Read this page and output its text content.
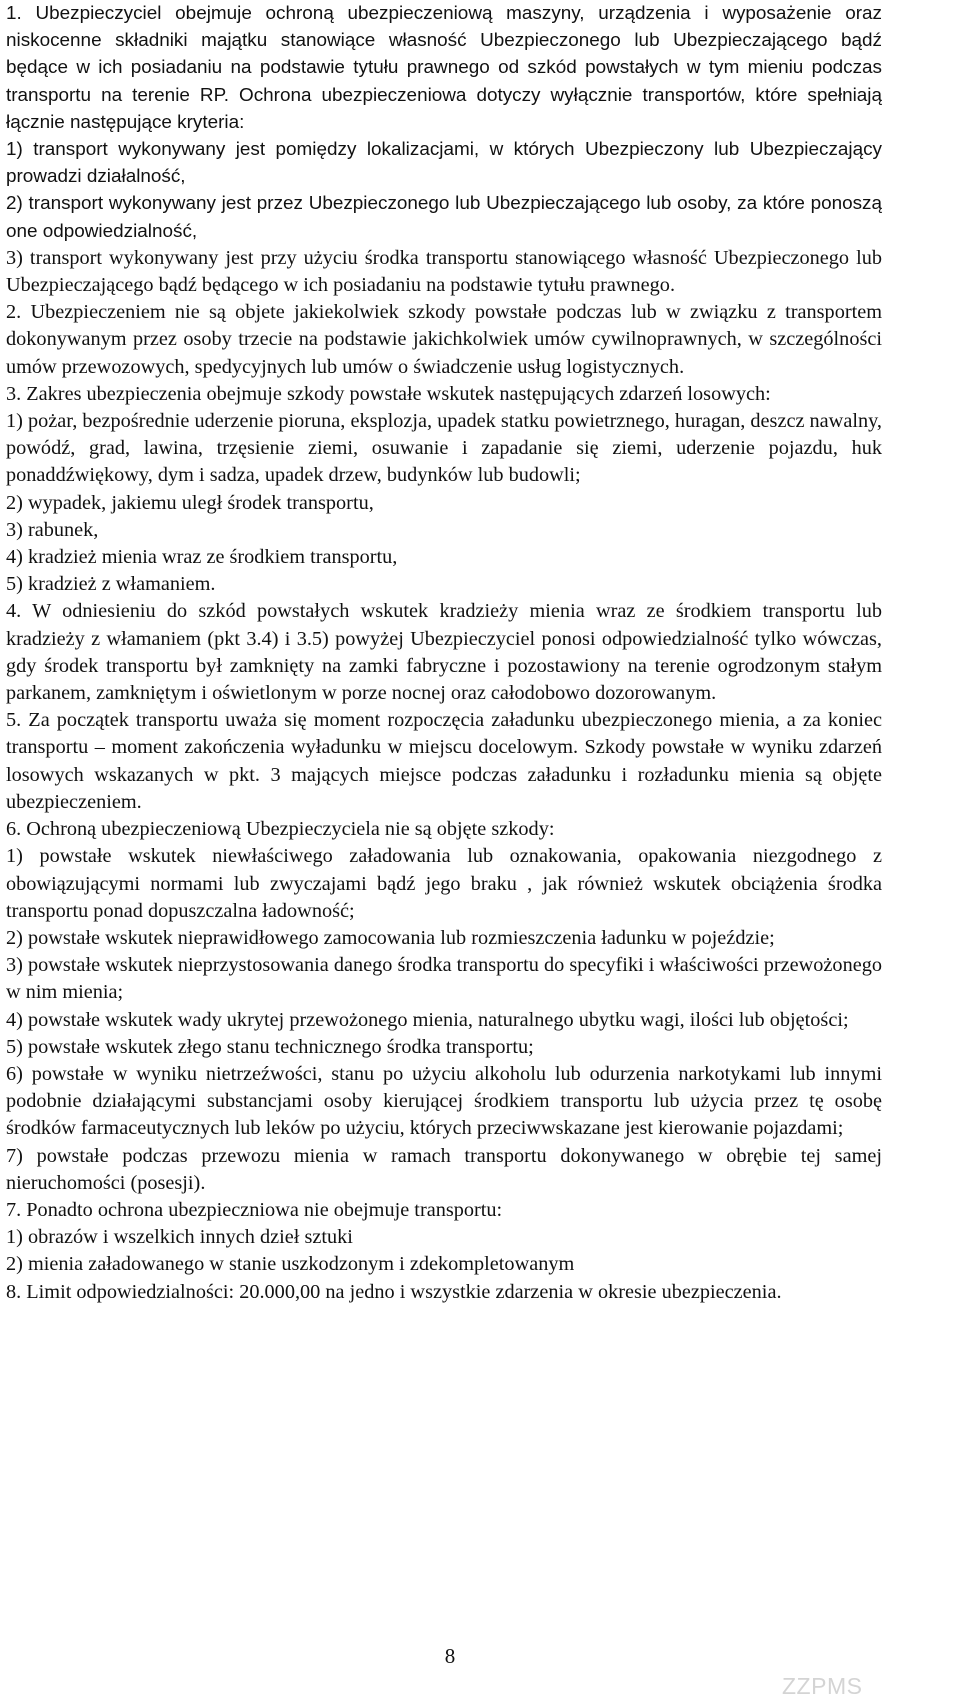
1. Ubezpieczyciel obejmuje ochroną ubezpieczeniową maszyny, urządzenia i wyposażenie oraz niskocenne składniki majątku stanowiące własność Ubezpieczonego lub Ubezpieczającego bądź będące w ich posiadaniu na podstawie tytułu prawnego od szkód powstałych w tym mieniu podczas transportu na terenie RP. Ochrona ubezpieczeniowa dotyczy wyłącznie transportów, które spełniają łącznie następujące kryteria:

1) transport wykonywany jest pomiędzy lokalizacjami, w których Ubezpieczony lub Ubezpieczający prowadzi działalność,

2) transport wykonywany jest przez Ubezpieczonego lub Ubezpieczającego lub osoby, za które ponoszą one odpowiedzialność,

3) transport wykonywany jest przy użyciu środka transportu stanowiącego własność Ubezpieczonego lub Ubezpieczającego bądź będącego w ich posiadaniu na podstawie tytułu prawnego.

2. Ubezpieczeniem nie są objete jakiekolwiek szkody powstałe podczas lub w związku z transportem dokonywanym przez osoby trzecie na podstawie jakichkolwiek umów cywilnoprawnych, w szczególności umów przewozowych, spedycyjnych lub umów o świadczenie usług logistycznych.

3. Zakres ubezpieczenia obejmuje szkody powstałe wskutek następujących zdarzeń losowych:

1) pożar, bezpośrednie uderzenie pioruna, eksplozja, upadek statku powietrznego, huragan, deszcz nawalny, powódź, grad, lawina, trzęsienie ziemi, osuwanie i zapadanie się ziemi, uderzenie pojazdu, huk ponaddźwiękowy, dym i sadza, upadek drzew, budynków lub budowli;

2) wypadek, jakiemu uległ środek transportu,

3) rabunek,

4) kradzież mienia wraz ze środkiem transportu,

5) kradzież z włamaniem.

4. W odniesieniu do szkód powstałych wskutek kradzieży mienia wraz ze środkiem transportu lub kradzieży z włamaniem (pkt 3.4) i 3.5) powyżej Ubezpieczyciel ponosi odpowiedzialność tylko wówczas, gdy środek transportu był zamknięty na zamki fabryczne i pozostawiony na terenie ogrodzonym stałym parkanem, zamkniętym i oświetlonym w porze nocnej oraz całodobowo dozorowanym.

5. Za początek transportu uważa się moment rozpoczęcia załadunku ubezpieczonego mienia, a za koniec transportu – moment zakończenia wyładunku w miejscu docelowym. Szkody powstałe w wyniku zdarzeń losowych wskazanych w pkt. 3 mających miejsce podczas załadunku i rozładunku mienia są objęte ubezpieczeniem.

6. Ochroną ubezpieczeniową Ubezpieczyciela nie są objęte szkody:

1) powstałe wskutek niewłaściwego załadowania lub oznakowania, opakowania niezgodnego z obowiązującymi normami lub zwyczajami bądź jego braku , jak również wskutek obciążenia środka transportu ponad dopuszczalna ładowność;

2) powstałe wskutek nieprawidłowego zamocowania lub rozmieszczenia ładunku w pojeździe;

3) powstałe wskutek nieprzystosowania danego środka transportu do specyfiki i właściwości przewożonego w nim mienia;

4) powstałe wskutek wady ukrytej przewożonego mienia, naturalnego ubytku wagi, ilości lub objętości;

5) powstałe wskutek złego stanu technicznego środka transportu;

6) powstałe w wyniku nietrzeźwości, stanu po użyciu alkoholu lub odurzenia narkotykami lub innymi podobnie działającymi substancjami osoby kierującej środkiem transportu lub użycia przez tę osobę środków farmaceutycznych lub leków po użyciu, których przeciwwskazane jest kierowanie pojazdami;

7) powstałe podczas przewozu mienia w ramach transportu dokonywanego w obrębie tej samej nieruchomości (posesji).

7. Ponadto ochrona ubezpieczniowa nie obejmuje transportu:

1) obrazów i wszelkich innych dzieł sztuki

2) mienia załadowanego w stanie uszkodzonym i zdekompletowanym

8. Limit odpowiedzialności: 20.000,00 na jedno i wszystkie zdarzenia w okresie ubezpieczenia.

8
ZZPMS
